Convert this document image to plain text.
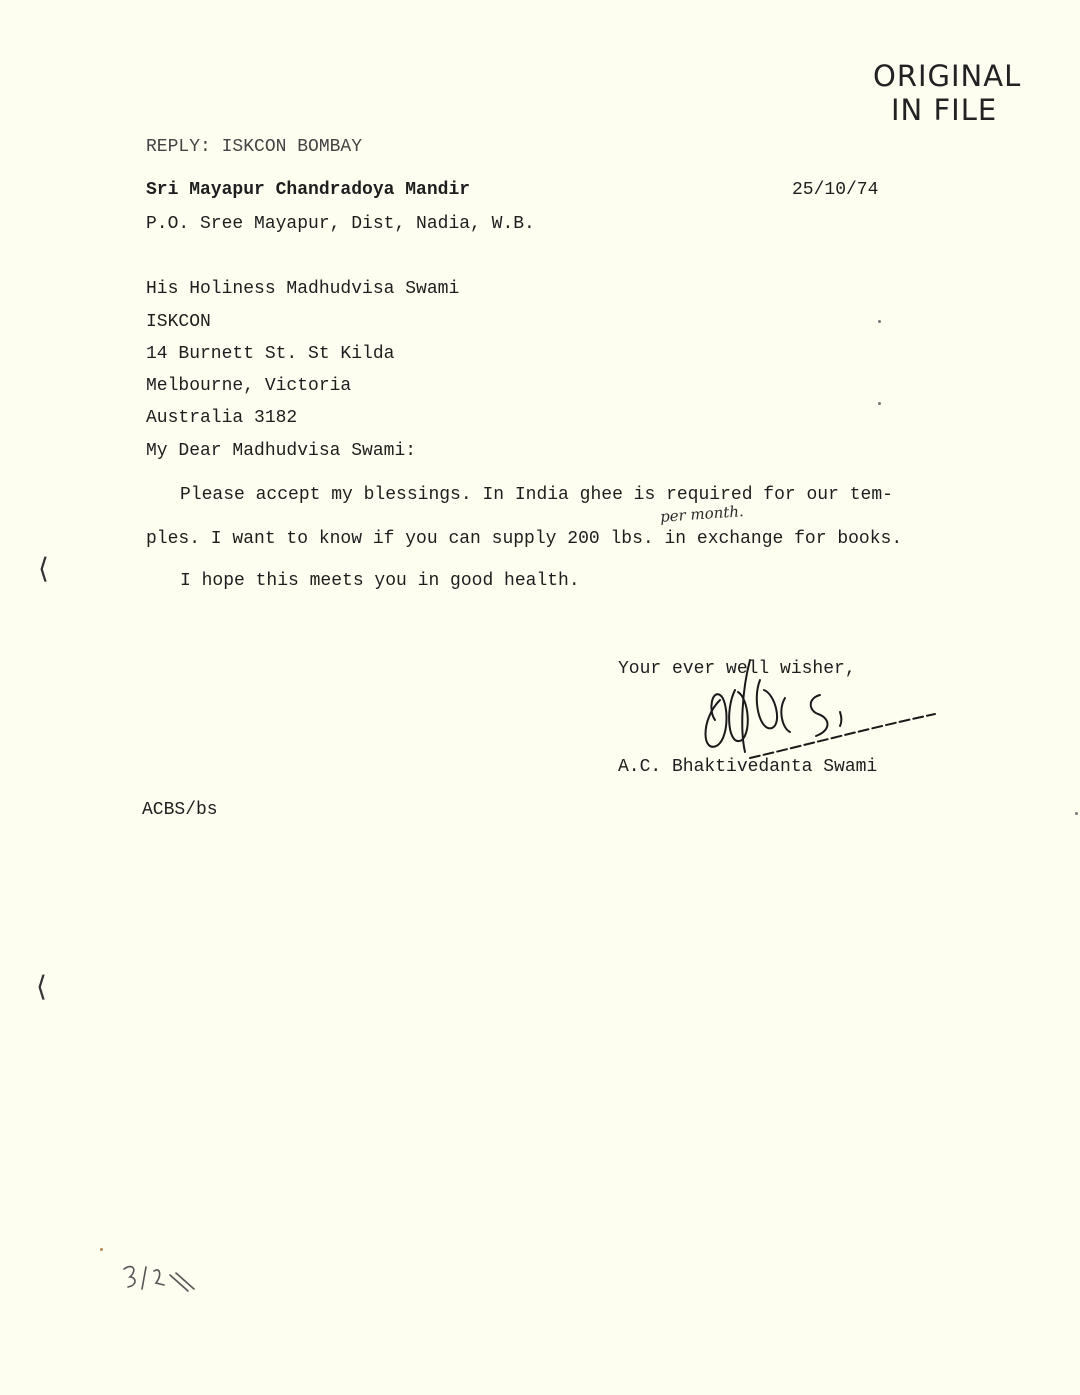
ORIGINAL
IN FILE
REPLY: ISKCON BOMBAY
Sri Mayapur Chandradoya Mandir	25/10/74
P.O. Sree Mayapur, Dist, Nadia, W.B.
His Holiness Madhudvisa Swami
ISKCON
14 Burnett St. St Kilda
Melbourne, Victoria
Australia 3182
My Dear Madhudvisa Swami:
Please accept my blessings. In India ghee is required for our tem-
per month.
ples. I want to know if you can supply 200 lbs. in exchange for books.
I hope this meets you in good health.
Your ever well wisher,
A.C. Bhaktivedanta Swami
ACBS/bs
⟨
⟨
